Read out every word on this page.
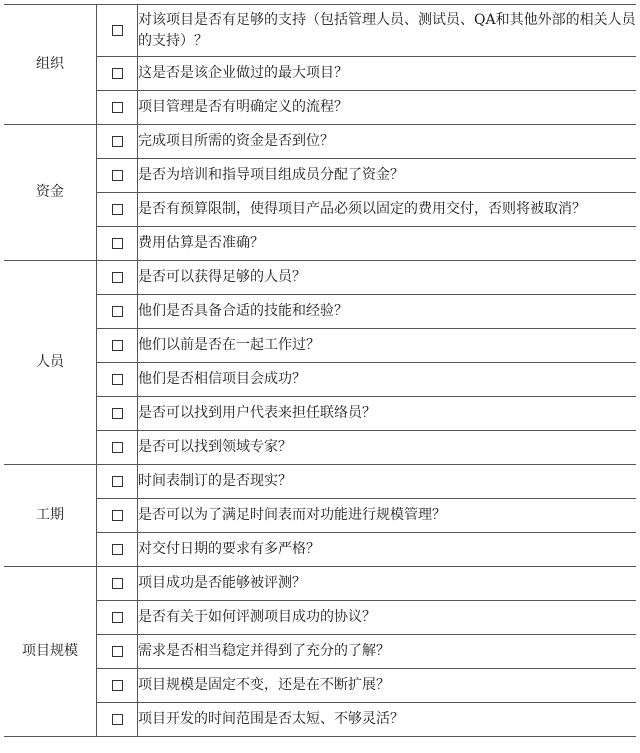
组织		对该项目是否有足够的支持（包括管理人员、测试员、QA和其他外部的相关人员的支持）？
		这是否是该企业做过的最大项目？
		项目管理是否有明确定义的流程？
资金		完成项目所需的资金是否到位？
		是否为培训和指导项目组成员分配了资金？
		是否有预算限制，使得项目产品必须以固定的费用交付，否则将被取消？
		费用估算是否准确？
人员		是否可以获得足够的人员？
		他们是否具备合适的技能和经验？
		他们以前是否在一起工作过？
		他们是否相信项目会成功？
		是否可以找到用户代表来担任联络员？
		是否可以找到领域专家？
工期		时间表制订的是否现实？
		是否可以为了满足时间表而对功能进行规模管理？
		对交付日期的要求有多严格？
项目规模		项目成功是否能够被评测？
		是否有关于如何评测项目成功的协议？
		需求是否相当稳定并得到了充分的了解？
		项目规模是固定不变，还是在不断扩展？
		项目开发的时间范围是否太短、不够灵活？
